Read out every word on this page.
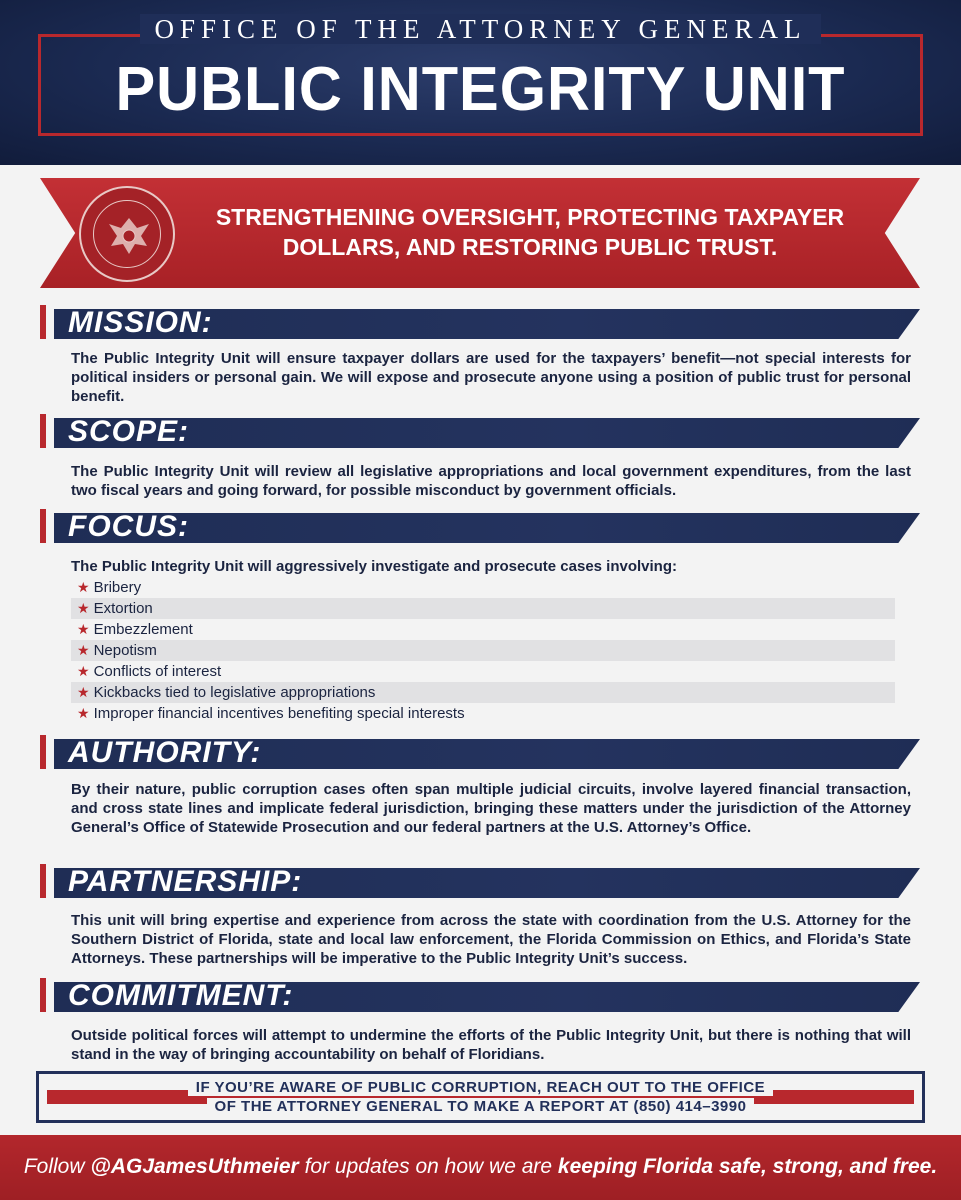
OFFICE OF THE ATTORNEY GENERAL
PUBLIC INTEGRITY UNIT
STRENGTHENING OVERSIGHT, PROTECTING TAXPAYER
DOLLARS, AND RESTORING PUBLIC TRUST.
MISSION:
The Public Integrity Unit will ensure taxpayer dollars are used for the taxpayers’ benefit—not special interests for political insiders or personal gain. We will expose and prosecute anyone using a position of public trust for personal benefit.
SCOPE:
The Public Integrity Unit will review all legislative appropriations and local government expenditures, from the last two fiscal years and going forward, for possible misconduct by government officials.
FOCUS:
The Public Integrity Unit will aggressively investigate and prosecute cases involving:
★ Bribery
★ Extortion
★ Embezzlement
★ Nepotism
★ Conflicts of interest
★ Kickbacks tied to legislative appropriations
★ Improper financial incentives benefiting special interests
AUTHORITY:
By their nature, public corruption cases often span multiple judicial circuits, involve layered financial transaction, and cross state lines and implicate federal jurisdiction, bringing these matters under the jurisdiction of the Attorney General’s Office of Statewide Prosecution and our federal partners at the U.S. Attorney’s Office.
PARTNERSHIP:
This unit will bring expertise and experience from across the state with coordination from the U.S. Attorney for the Southern District of Florida, state and local law enforcement, the Florida Commission on Ethics, and Florida’s State Attorneys. These partnerships will be imperative to the Public Integrity Unit’s success.
COMMITMENT:
Outside political forces will attempt to undermine the efforts of the Public Integrity Unit, but there is nothing that will stand in the way of bringing accountability on behalf of Floridians.
IF YOU’RE AWARE OF PUBLIC CORRUPTION, REACH OUT TO THE OFFICE
OF THE ATTORNEY GENERAL TO MAKE A REPORT AT (850) 414–3990
Follow @AGJamesUthmeier for updates on how we are keeping Florida safe, strong, and free.
